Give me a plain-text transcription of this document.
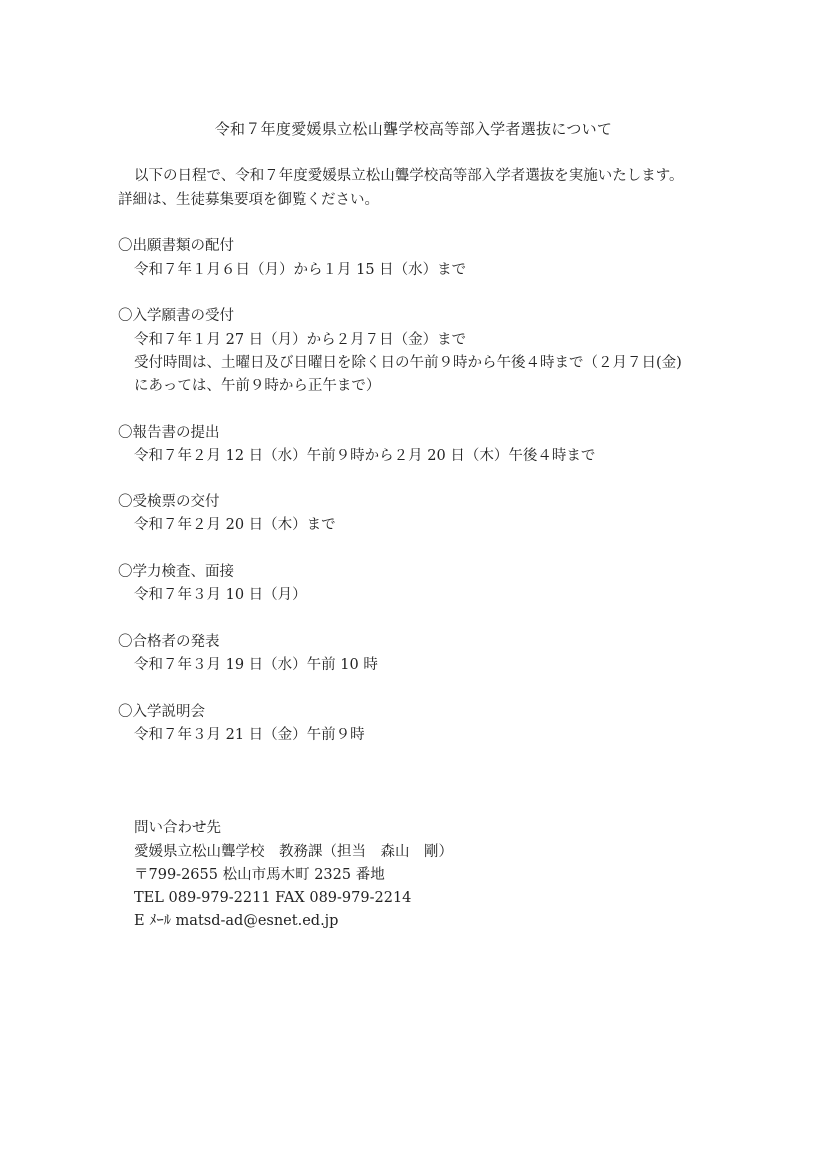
令和７年度愛媛県立松山聾学校高等部入学者選抜について
以下の日程で、令和７年度愛媛県立松山聾学校高等部入学者選抜を実施いたします。
詳細は、生徒募集要項を御覧ください。
〇出願書類の配付
令和７年１月６日（月）から１月 15 日（水）まで
〇入学願書の受付
令和７年１月 27 日（月）から２月７日（金）まで
受付時間は、土曜日及び日曜日を除く日の午前９時から午後４時まで（２月７日(金)
にあっては、午前９時から正午まで）
〇報告書の提出
令和７年２月 12 日（水）午前９時から２月 20 日（木）午後４時まで
〇受検票の交付
令和７年２月 20 日（木）まで
〇学力検査、面接
令和７年３月 10 日（月）
〇合格者の発表
令和７年３月 19 日（水）午前 10 時
〇入学説明会
令和７年３月 21 日（金）午前９時
問い合わせ先
愛媛県立松山聾学校　教務課（担当　森山　剛）
〒799-2655 松山市馬木町 2325 番地
TEL 089-979-2211 FAX 089-979-2214
E ﾒｰﾙ matsd-ad@esnet.ed.jp
